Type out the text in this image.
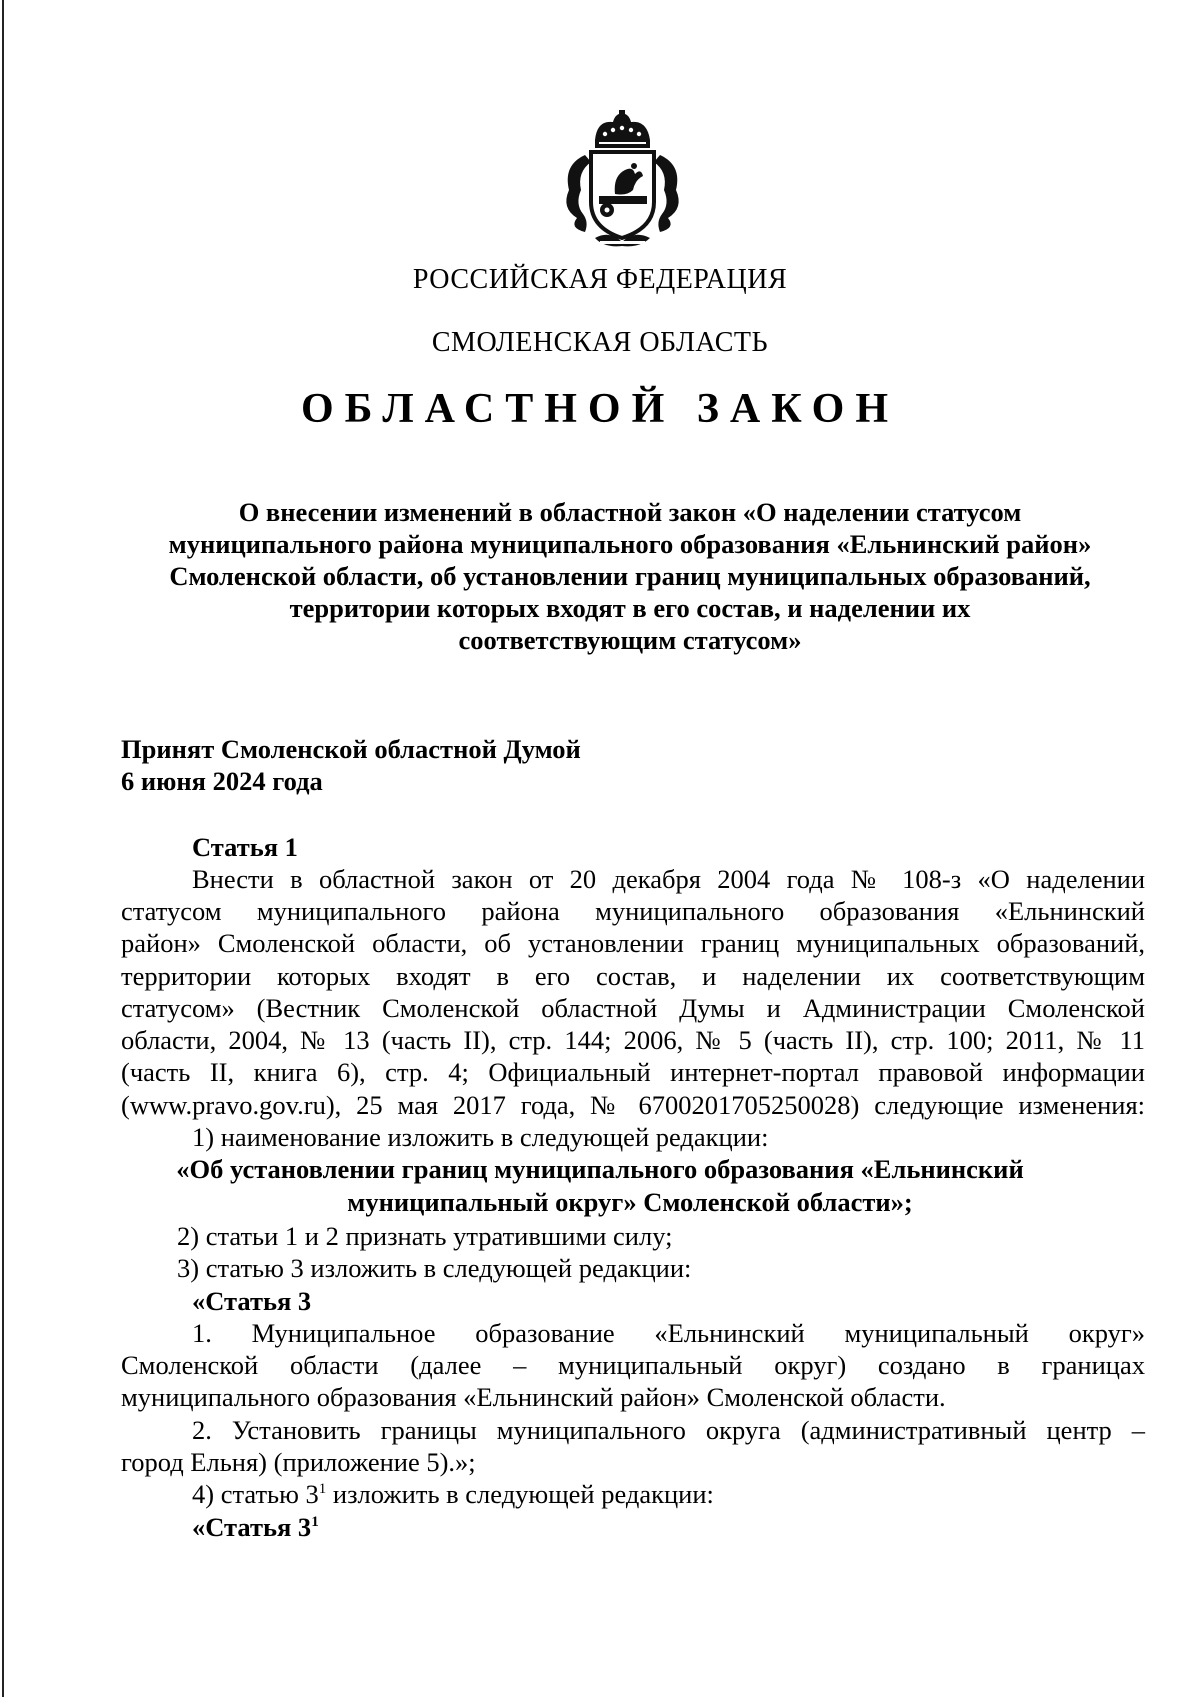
РОССИЙСКАЯ ФЕДЕРАЦИЯ
СМОЛЕНСКАЯ ОБЛАСТЬ
ОБЛАСТНОЙ ЗАКОН
О внесении изменений в областной закон «О наделении статусом
муниципального района муниципального образования «Ельнинский район»
Смоленской области, об установлении границ муниципальных образований,
территории которых входят в его состав, и наделении их
соответствующим статусом»
Принят Смоленской областной Думой
6 июня 2024 года
Статья 1
Внести в областной закон от 20 декабря 2004 года № 108-з «О наделении
статусом муниципального района муниципального образования «Ельнинский
район» Смоленской области, об установлении границ муниципальных образований,
территории которых входят в его состав, и наделении их соответствующим
статусом» (Вестник Смоленской областной Думы и Администрации Смоленской
области, 2004, № 13 (часть II), стр. 144; 2006, № 5 (часть II), стр. 100; 2011, № 11
(часть II, книга 6), стр. 4; Официальный интернет-портал правовой информации
(www.pravo.gov.ru), 25 мая 2017 года, № 6700201705250028) следующие изменения:
1) наименование изложить в следующей редакции:
«Об установлении границ муниципального образования «Ельнинский
муниципальный округ» Смоленской области»;
2) статьи 1 и 2 признать утратившими силу;
3) статью 3 изложить в следующей редакции:
«Статья 3
1. Муниципальное образование «Ельнинский муниципальный округ»
Смоленской области (далее – муниципальный округ) создано в границах
муниципального образования «Ельнинский район» Смоленской области.
2. Установить границы муниципального округа (административный центр –
город Ельня) (приложение 5).»;
4) статью $3^1$ изложить в следующей редакции:
«Статья $3^1$
